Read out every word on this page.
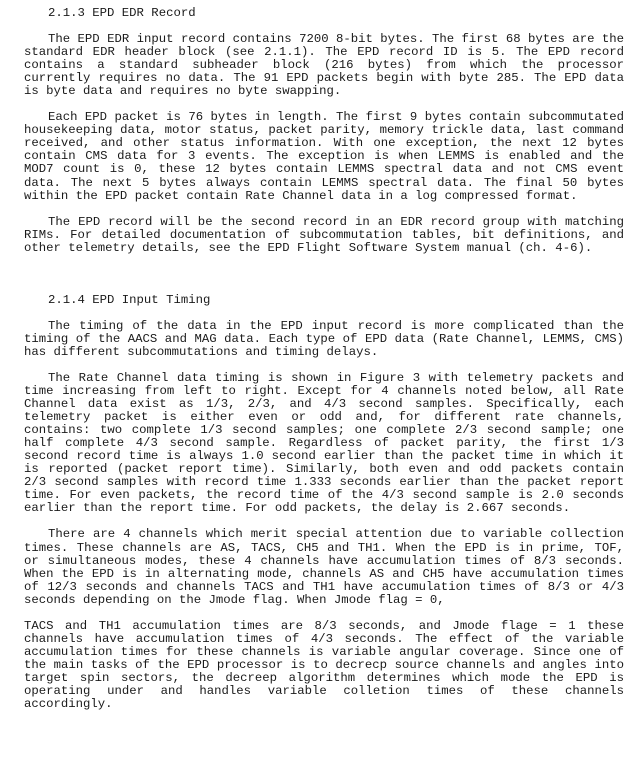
2.1.3 EPD EDR Record

The EPD EDR input record contains 7200 8-bit bytes. The first 68 bytes are the standard EDR header block (see 2.1.1). The EPD record ID is 5. The EPD record contains a standard subheader block (216 bytes) from which the processor currently requires no data. The 91 EPD packets begin with byte 285. The EPD data is byte data and requires no byte swapping.

Each EPD packet is 76 bytes in length. The first 9 bytes contain subcommutated housekeeping data, motor status, packet parity, memory trickle data, last command received, and other status information. With one exception, the next 12 bytes contain CMS data for 3 events. The exception is when LEMMS is enabled and the MOD7 count is 0, these 12 bytes contain LEMMS spectral data and not CMS event data. The next 5 bytes always contain LEMMS spectral data. The final 50 bytes within the EPD packet contain Rate Channel data in a log compressed format.

The EPD record will be the second record in an EDR record group with matching RIMs. For detailed documentation of subcommutation tables, bit definitions, and other telemetry details, see the EPD Flight Software System manual (ch. 4-6).

2.1.4 EPD Input Timing

The timing of the data in the EPD input record is more complicated than the timing of the AACS and MAG data. Each type of EPD data (Rate Channel, LEMMS, CMS) has different subcommutations and timing delays.

The Rate Channel data timing is shown in Figure 3 with telemetry packets and time increasing from left to right. Except for 4 channels noted below, all Rate Channel data exist as 1/3, 2/3, and 4/3 second samples. Specifically, each telemetry packet is either even or odd and, for different rate channels, contains: two complete 1/3 second samples; one complete 2/3 second sample; one half complete 4/3 second sample. Regardless of packet parity, the first 1/3 second record time is always 1.0 second earlier than the packet time in which it is reported (packet report time). Similarly, both even and odd packets contain 2/3 second samples with record time 1.333 seconds earlier than the packet report time. For even packets, the record time of the 4/3 second sample is 2.0 seconds earlier than the report time. For odd packets, the delay is 2.667 seconds.

There are 4 channels which merit special attention due to variable collection times. These channels are AS, TACS, CH5 and TH1. When the EPD is in prime, TOF, or simultaneous modes, these 4 channels have accumulation times of 8/3 seconds. When the EPD is in alternating mode, channels AS and CH5 have accumulation times of 12/3 seconds and channels TACS and TH1 have accumulation times of 8/3 or 4/3 seconds depending on the Jmode flag. When Jmode flag = 0,

TACS and TH1 accumulation times are 8/3 seconds, and Jmode flage = 1 these channels have accumulation times of 4/3 seconds. The effect of the variable accumulation times for these channels is variable angular coverage. Since one of the main tasks of the EPD processor is to decrecp source channels and angles into target spin sectors, the decreep algorithm determines which mode the EPD is operating under and handles variable colletion times of these channels accordingly.
